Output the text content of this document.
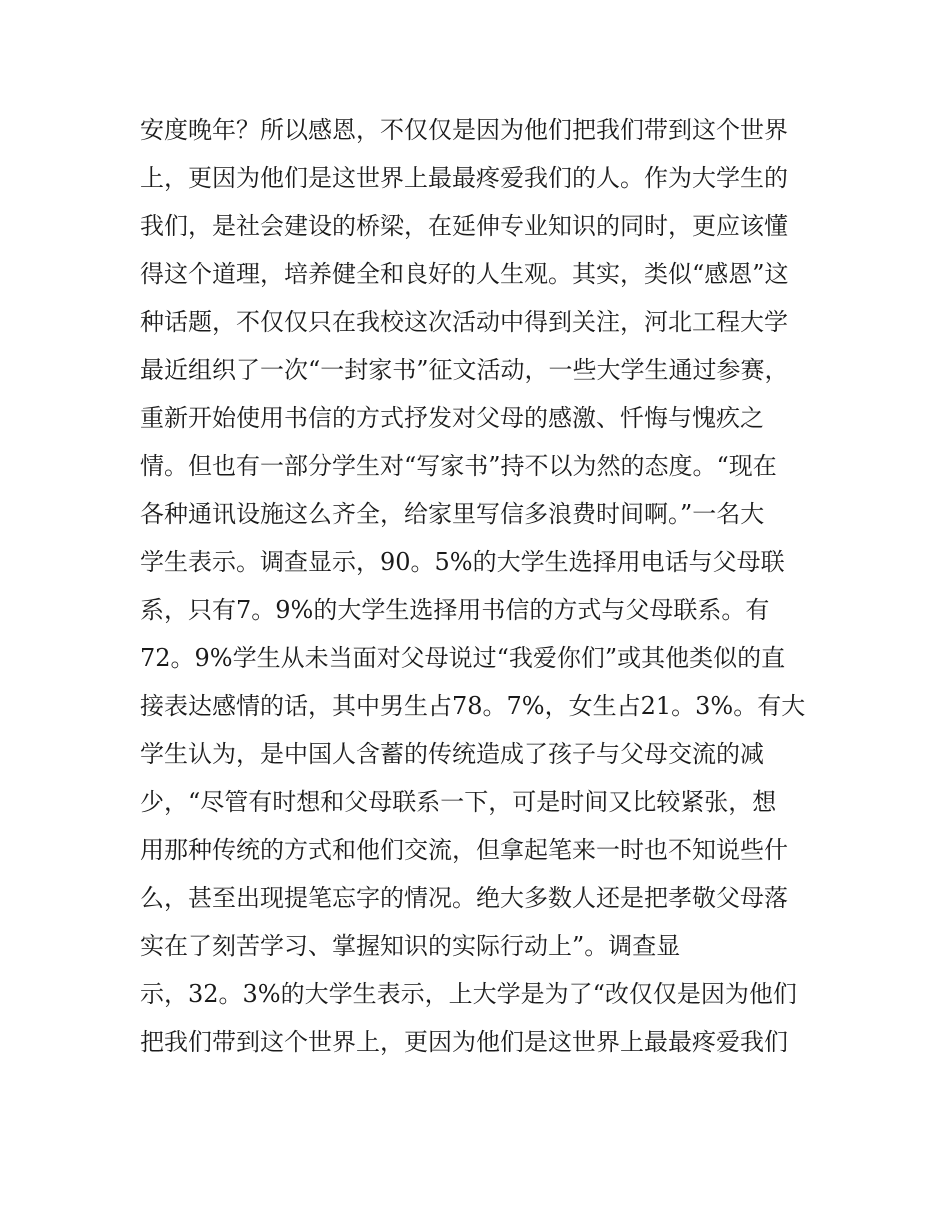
安度晚年？所以感恩，不仅仅是因为他们把我们带到这个世界
上，更因为他们是这世界上最最疼爱我们的人。作为大学生的
我们，是社会建设的桥梁，在延伸专业知识的同时，更应该懂
得这个道理，培养健全和良好的人生观。其实，类似“感恩”这
种话题，不仅仅只在我校这次活动中得到关注，河北工程大学
最近组织了一次“一封家书”征文活动，一些大学生通过参赛，
重新开始使用书信的方式抒发对父母的感激、忏悔与愧疚之
情。但也有一部分学生对“写家书”持不以为然的态度。“现在
各种通讯设施这么齐全，给家里写信多浪费时间啊。”一名大
学生表示。调查显示，90。5%的大学生选择用电话与父母联
系，只有7。9%的大学生选择用书信的方式与父母联系。有
72。9%学生从未当面对父母说过“我爱你们”或其他类似的直
接表达感情的话，其中男生占78。7%，女生占21。3%。有大
学生认为，是中国人含蓄的传统造成了孩子与父母交流的减
少，“尽管有时想和父母联系一下，可是时间又比较紧张，想
用那种传统的方式和他们交流，但拿起笔来一时也不知说些什
么，甚至出现提笔忘字的情况。绝大多数人还是把孝敬父母落
实在了刻苦学习、掌握知识的实际行动上”。调查显
示，32。3%的大学生表示，上大学是为了“改仅仅是因为他们
把我们带到这个世界上，更因为他们是这世界上最最疼爱我们
